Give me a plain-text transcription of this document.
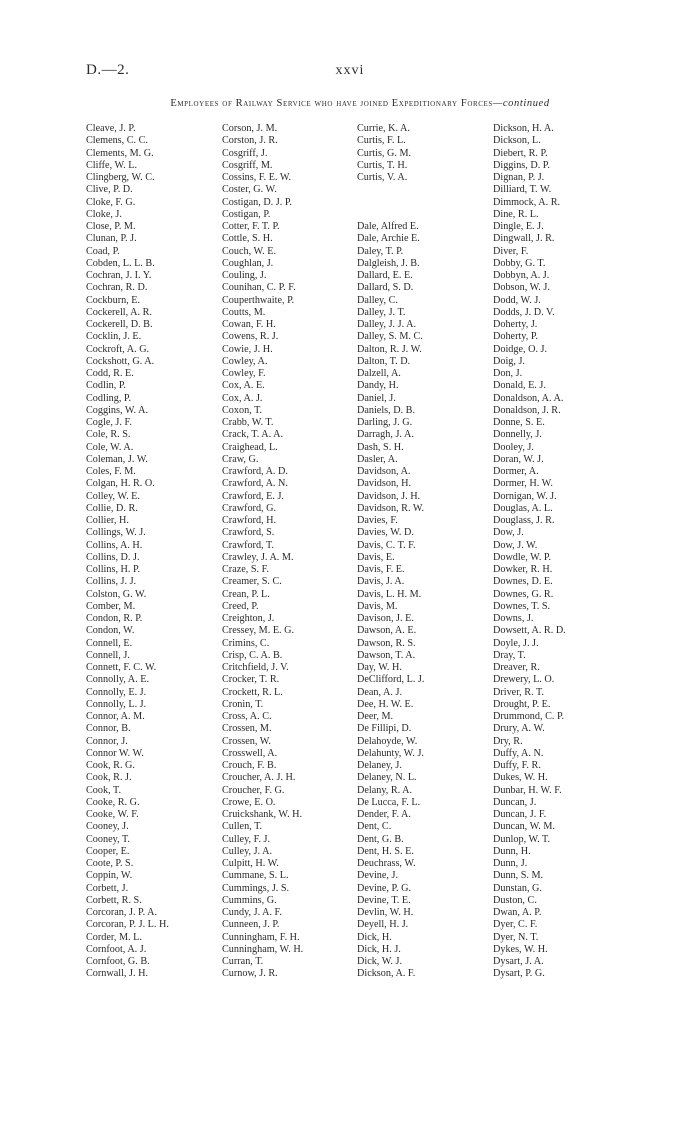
D.—2.	xxvi
Employees of Railway Service who have joined Expeditionary Forces—continued
Cleave, J. P.
Clemens, C. C.
Clements, M. G.
Cliffe, W. L.
Clingberg, W. C.
Clive, P. D.
Cloke, F. G.
Cloke, J.
Close, P. M.
Clunan, P. J.
Coad, P.
Cobden, L. L. B.
Cochran, J. I. Y.
Cochran, R. D.
Cockburn, E.
Cockerell, A. R.
Cockerell, D. B.
Cocklin, J. E.
Cockroft, A. G.
Cockshott, G. A.
Codd, R. E.
Codlin, P.
Codling, P.
Coggins, W. A.
Cogle, J. F.
Cole, R. S.
Cole, W. A.
Coleman, J. W.
Coles, F. M.
Colgan, H. R. O.
Colley, W. E.
Collie, D. R.
Collier, H.
Collings, W. J.
Collins, A. H.
Collins, D. J.
Collins, H. P.
Collins, J. J.
Colston, G. W.
Comber, M.
Condon, R. P.
Condon, W.
Connell, E.
Connell, J.
Connett, F. C. W.
Connolly, A. E.
Connolly, E. J.
Connolly, L. J.
Connor, A. M.
Connor, B.
Connor, J.
Connor W. W.
Cook, R. G.
Cook, R. J.
Cook, T.
Cooke, R. G.
Cooke, W. F.
Cooney, J.
Cooney, T.
Cooper, E.
Coote, P. S.
Coppin, W.
Corbett, J.
Corbett, R. S.
Corcoran, J. P. A.
Corcoran, P. J. L. H.
Corder, M. L.
Cornfoot, A. J.
Cornfoot, G. B.
Cornwall, J. H.
Corson, J. M.
Corston, J. R.
Cosgriff, J.
Cosgriff, M.
Cossins, F. E. W.
Coster, G. W.
Costigan, D. J. P.
Costigan, P.
Cotter, F. T. P.
Cottle, S. H.
Couch, W. E.
Coughlan, J.
Couling, J.
Counihan, C. P. F.
Couperthwaite, P.
Coutts, M.
Cowan, F. H.
Cowens, R. J.
Cowie, J. H.
Cowley, A.
Cowley, F.
Cox, A. E.
Cox, A. J.
Coxon, T.
Crabb, W. T.
Crack, T. A. A.
Craighead, L.
Craw, G.
Crawford, A. D.
Crawford, A. N.
Crawford, E. J.
Crawford, G.
Crawford, H.
Crawford, S.
Crawford, T.
Crawley, J. A. M.
Craze, S. F.
Creamer, S. C.
Crean, P. L.
Creed, P.
Creighton, J.
Cressey, M. E. G.
Crimins, C.
Crisp, C. A. B.
Critchfield, J. V.
Crocker, T. R.
Crockett, R. L.
Cronin, T.
Cross, A. C.
Crossen, M.
Crossen, W.
Crosswell, A.
Crouch, F. B.
Croucher, A. J. H.
Croucher, F. G.
Crowe, E. O.
Cruickshank, W. H.
Cullen, T.
Culley, F. J.
Culley, J. A.
Culpitt, H. W.
Cummane, S. L.
Cummings, J. S.
Cummins, G.
Cundy, J. A. F.
Cunneen, J. P.
Cunningham, F. H.
Cunningham, W. H.
Curran, T.
Curnow, J. R.
Currie, K. A.
Curtis, F. L.
Curtis, G. M.
Curtis, T. H.
Curtis, V. A.
Dale, Alfred E.
Dale, Archie E.
Daley, T. P.
Dalgleish, J. B.
Dallard, E. E.
Dallard, S. D.
Dalley, C.
Dalley, J. T.
Dalley, J. J. A.
Dalley, S. M. C.
Dalton, R. J. W.
Dalton, T. D.
Dalzell, A.
Dandy, H.
Daniel, J.
Daniels, D. B.
Darling, J. G.
Darragh, J. A.
Dash, S. H.
Dasler, A.
Davidson, A.
Davidson, H.
Davidson, J. H.
Davidson, R. W.
Davies, F.
Davies, W. D.
Davis, C. T. F.
Davis, E.
Davis, F. E.
Davis, J. A.
Davis, L. H. M.
Davis, M.
Davison, J. E.
Dawson, A. E.
Dawson, R. S.
Dawson, T. A.
Day, W. H.
DeClifford, L. J.
Dean, A. J.
Dee, H. W. E.
Deer, M.
De Fillipi, D.
Delahoyde, W.
Delahunty, W. J.
Delaney, J.
Delaney, N. L.
Delany, R. A.
De Lucca, F. L.
Dender, F. A.
Dent, C.
Dent, G. B.
Dent, H. S. E.
Deuchrass, W.
Devine, J.
Devine, P. G.
Devine, T. E.
Devlin, W. H.
Deyell, H. J.
Dick, H.
Dick, H. J.
Dick, W. J.
Dickson, A. F.
Dickson, H. A.
Dickson, L.
Diebert, R. P.
Diggins, D. P.
Dignan, P. J.
Dilliard, T. W.
Dimmock, A. R.
Dine, R. L.
Dingle, E. J.
Dingwall, J. R.
Diver, F.
Dobby, G. T.
Dobbyn, A. J.
Dobson, W. J.
Dodd, W. J.
Dodds, J. D. V.
Doherty, J.
Doherty, P.
Doidge, O. J.
Doig, J.
Don, J.
Donald, E. J.
Donaldson, A. A.
Donaldson, J. R.
Donne, S. E.
Donnelly, J.
Dooley, J.
Doran, W. J.
Dormer, A.
Dormer, H. W.
Dornigan, W. J.
Douglas, A. L.
Douglass, J. R.
Dow, J.
Dow, J. W.
Dowdle, W. P.
Dowker, R. H.
Downes, D. E.
Downes, G. R.
Downes, T. S.
Downs, J.
Dowsett, A. R. D.
Doyle, J. J.
Dray, T.
Dreaver, R.
Drewery, L. O.
Driver, R. T.
Drought, P. E.
Drummond, C. P.
Drury, A. W.
Dry, R.
Duffy, A. N.
Duffy, F. R.
Dukes, W. H.
Dunbar, H. W. F.
Duncan, J.
Duncan, J. F.
Duncan, W. M.
Dunlop, W. T.
Dunn, H.
Dunn, J.
Dunn, S. M.
Dunstan, G.
Duston, C.
Dwan, A. P.
Dyer, C. F.
Dyer, N. T.
Dykes, W. H.
Dysart, J. A.
Dysart, P. G.
